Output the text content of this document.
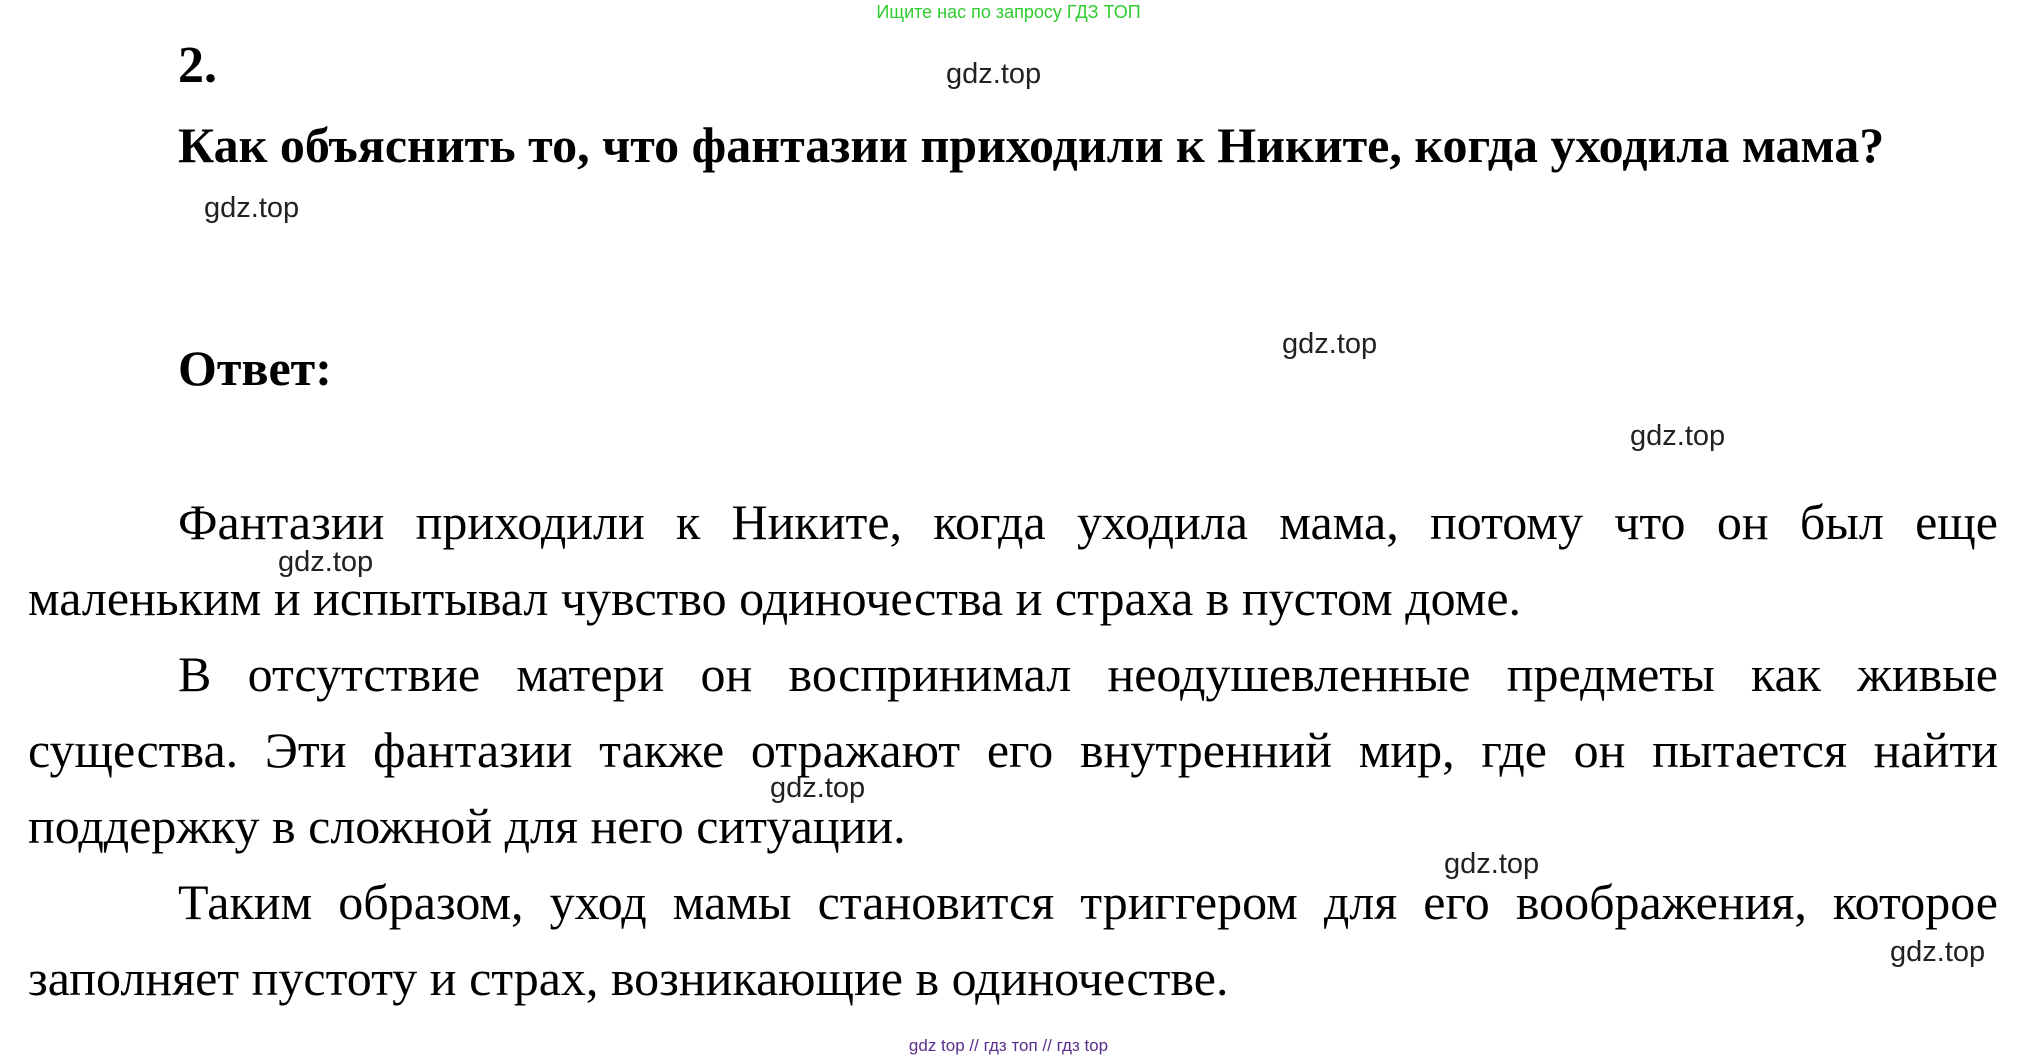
Ищите нас по запросу ГДЗ ТОП
2.
Как объяснить то, что фантазии приходили к Никите, когда уходила мама?
Ответ:

Фантазии приходили к Никите, когда уходила мама, потому что он был еще маленьким и испытывал чувство одиночества и страха в пустом доме.

В отсутствие матери он воспринимал неодушевленные предметы как живые существа. Эти фантазии также отражают его внутренний мир, где он пытается найти поддержку в сложной для него ситуации.

Таким образом, уход мамы становится триггером для его воображения, которое заполняет пустоту и страх, возникающие в одиночестве.

gdz.top
gdz.top
gdz.top
gdz.top
gdz.top
gdz.top
gdz.top
gdz.top
gdz top // гдз топ // гдз top
